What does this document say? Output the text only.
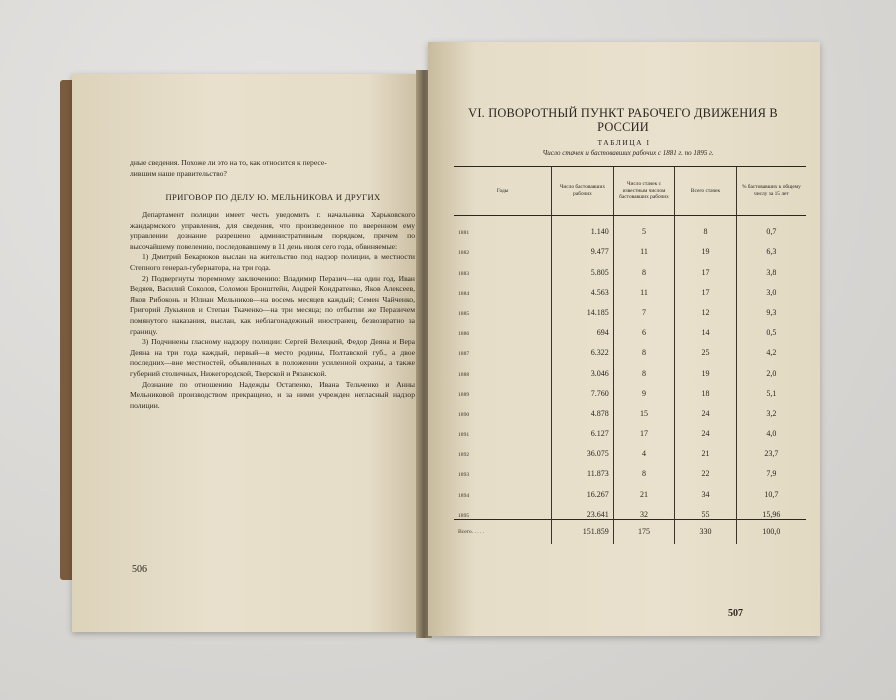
дные сведения. Похоже ли это на то, как относится к пересе-

лившим наше правительство?

ПРИГОВОР ПО ДЕЛУ Ю. МЕЛЬНИКОВА И ДРУГИХ

Департамент полиции имеет честь уведомить г. начальника Харьковского жандармского управления, для сведения, что произведенное по вверенном ему управлении дознание разрешено административным порядком, причем по высочайшему повелению, последовавшему в 11 день июля сего года, обвиняемые:

1) Дмитрий Бекарюков выслан на жительство под надзор полиции, в местности Степного генерал-губернатора, на три года.

2) Подвергнуты тюремному заключению: Владимир Перазич—на один год, Иван Ведяев, Василий Соколов, Соломон Бронштейн, Андрей Кондратенко, Яков Алексеев, Яков Рибоконь и Юлиан Мельников—на восемь месяцев каждый; Семен Чайченко, Григорий Лукьянов и Степан Ткаченко—на три месяца; по отбытии же Перазичем помянутого наказания, выслан, как неблагонадежный иностранец, безвозвратно за границу.

3) Подчинены гласному надзору полиции: Сергей Велецкий, Федор Деяна и Вера Деяна на три года каждый, первый—в место родины, Полтавской губ., а двое последних—вне местностей, объявленных в положении усиленной охраны, а также губерний столичных, Нижегородской, Тверской и Рязанской.

Дознание по отношению Надежды Остапенко, Ивана Тельченко и Анны Мельниковой производством прекращено, и за ними учрежден негласный надзор полиции.

506
VI. ПОВОРОТНЫЙ ПУНКТ РАБОЧЕГО ДВИЖЕНИЯ В РОССИИ
ТАБЛИЦА I
Число стачек и бастовавших рабочих с 1881 г. по 1895 г.
Годы	Число бастовавших рабочих	Число стачек с известным числом бастовавших рабочих	Всего стачек	% бастовавших к общему числу за 15 лет
1881	1.140	5	8	0,7
1882	9.477	11	19	6,3
1883	5.805	8	17	3,8
1884	4.563	11	17	3,0
1885	14.185	7	12	9,3
1886	694	6	14	0,5
1887	6.322	8	25	4,2
1888	3.046	8	19	2,0
1889	7.760	9	18	5,1
1890	4.878	15	24	3,2
1891	6.127	17	24	4,0
1892	36.075	4	21	23,7
1893	11.873	8	22	7,9
1894	16.267	21	34	10,7
1895	23.641	32	55	15,96
Всего. . . . .	151.859	175	330	100,0
507
